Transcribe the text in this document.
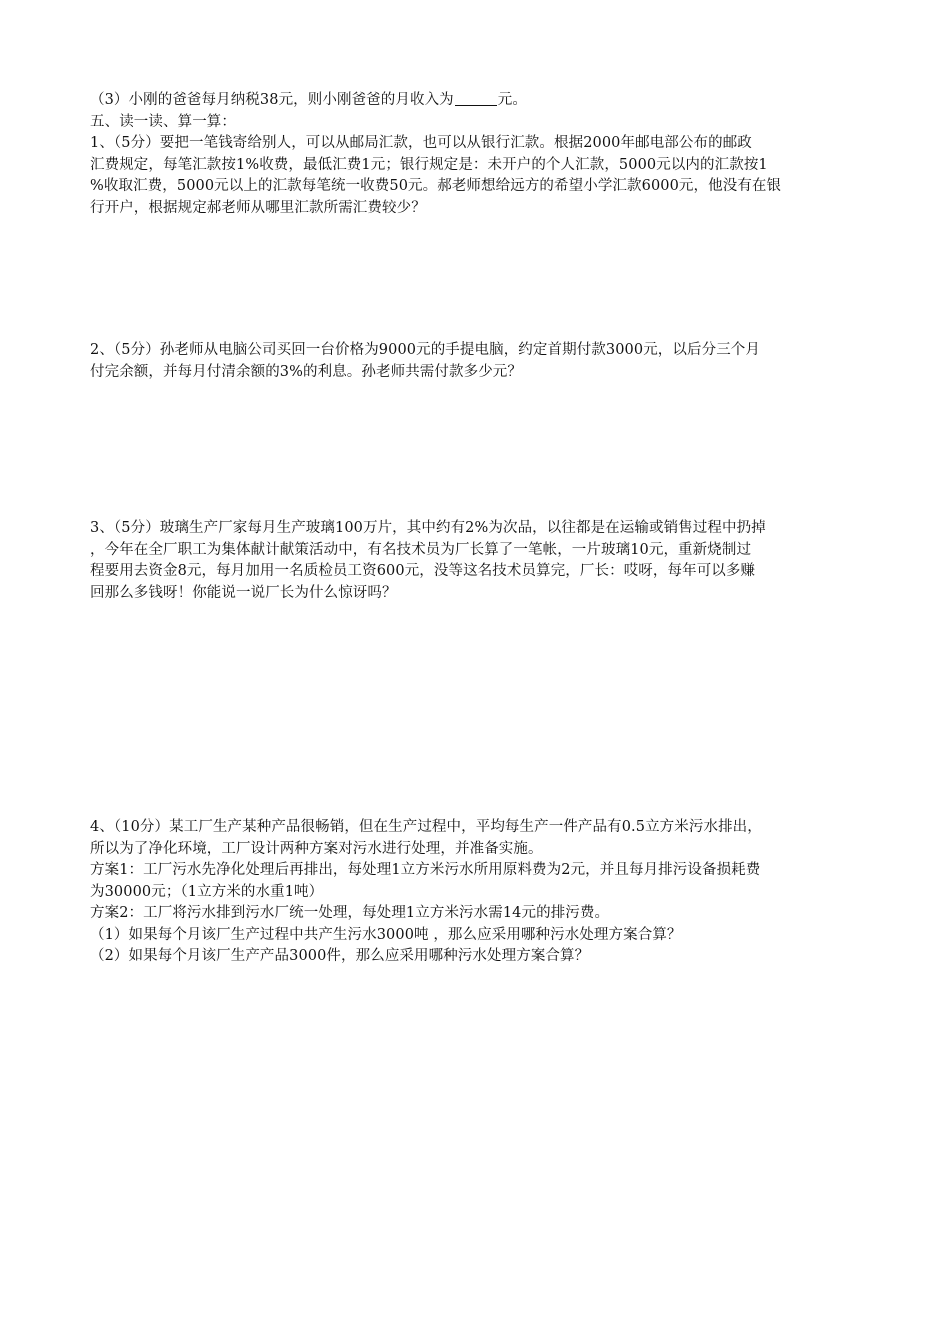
（3）小刚的爸爸每月纳税38元，则小刚爸爸的月收入为	元。
五、读一读、算一算：
1、（5分）要把一笔钱寄给别人，可以从邮局汇款，也可以从银行汇款。根据2000年邮电部公布的邮政
汇费规定，每笔汇款按1%收费，最低汇费1元；银行规定是：未开户的个人汇款，5000元以内的汇款按1
%收取汇费，5000元以上的汇款每笔统一收费50元。郝老师想给远方的希望小学汇款6000元，他没有在银
行开户，根据规定郝老师从哪里汇款所需汇费较少？
2、（5分）孙老师从电脑公司买回一台价格为9000元的手提电脑，约定首期付款3000元，以后分三个月
付完余额，并每月付清余额的3%的利息。孙老师共需付款多少元？
3、（5分）玻璃生产厂家每月生产玻璃100万片，其中约有2%为次品，以往都是在运输或销售过程中扔掉
，今年在全厂职工为集体献计献策活动中，有名技术员为厂长算了一笔帐，一片玻璃10元，重新烧制过
程要用去资金8元，每月加用一名质检员工资600元，没等这名技术员算完，厂长：哎呀，每年可以多赚
回那么多钱呀！你能说一说厂长为什么惊讶吗？
4、（10分）某工厂生产某种产品很畅销，但在生产过程中，平均每生产一件产品有0.5立方米污水排出，
所以为了净化环境，工厂设计两种方案对污水进行处理，并准备实施。
方案1：工厂污水先净化处理后再排出，每处理1立方米污水所用原料费为2元，并且每月排污设备损耗费
为30000元；（1立方米的水重1吨）
方案2：工厂将污水排到污水厂统一处理，每处理1立方米污水需14元的排污费。
（1）如果每个月该厂生产过程中共产生污水3000吨 ，那么应采用哪种污水处理方案合算？
（2）如果每个月该厂生产产品3000件，那么应采用哪种污水处理方案合算？
